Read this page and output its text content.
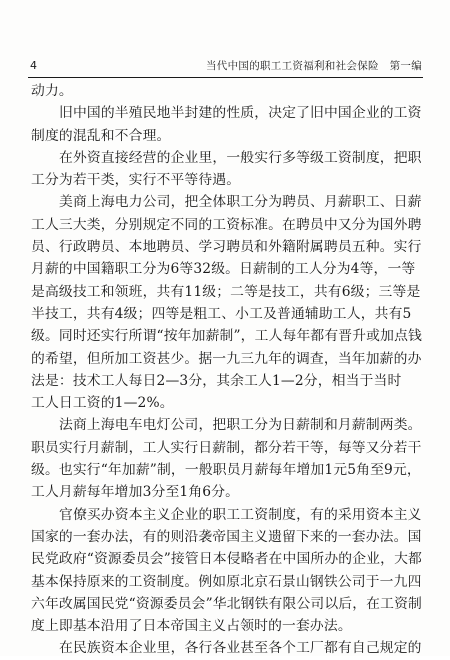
4	当代中国的职工工资福利和社会保险　第一编
动力。
旧中国的半殖民地半封建的性质，决定了旧中国企业的工资
制度的混乱和不合理。
在外资直接经营的企业里，一般实行多等级工资制度，把职
工分为若干类，实行不平等待遇。
美商上海电力公司，把全体职工分为聘员、月薪职工、日薪
工人三大类，分别规定不同的工资标准。在聘员中又分为国外聘
员、行政聘员、本地聘员、学习聘员和外籍附属聘员五种。实行
月薪的中国籍职工分为6等32级。日薪制的工人分为4等，一等
是高级技工和领班，共有11级；二等是技工，共有6级；三等是
半技工，共有4级；四等是粗工、小工及普通辅助工人，共有5
级。同时还实行所谓“按年加薪制”，工人每年都有晋升或加点钱
的希望，但所加工资甚少。据一九三九年的调查，当年加薪的办
法是：技术工人每日2—3分，其余工人1—2分，相当于当时
工人日工资的1—2%。
法商上海电车电灯公司，把职工分为日薪制和月薪制两类。
职员实行月薪制，工人实行日薪制，都分若干等，每等又分若干
级。也实行“年加薪”制，一般职员月薪每年增加1元5角至9元，
工人月薪每年增加3分至1角6分。
官僚买办资本主义企业的职工工资制度，有的采用资本主义
国家的一套办法，有的则沿袭帝国主义遗留下来的一套办法。国
民党政府“资源委员会”接管日本侵略者在中国所办的企业，大都
基本保持原来的工资制度。例如原北京石景山钢铁公司于一九四
六年改属国民党“资源委员会”华北钢铁有限公司以后，在工资制
度上即基本沿用了日本帝国主义占领时的一套办法。
在民族资本企业里，各行各业甚至各个工厂都有自己规定的
